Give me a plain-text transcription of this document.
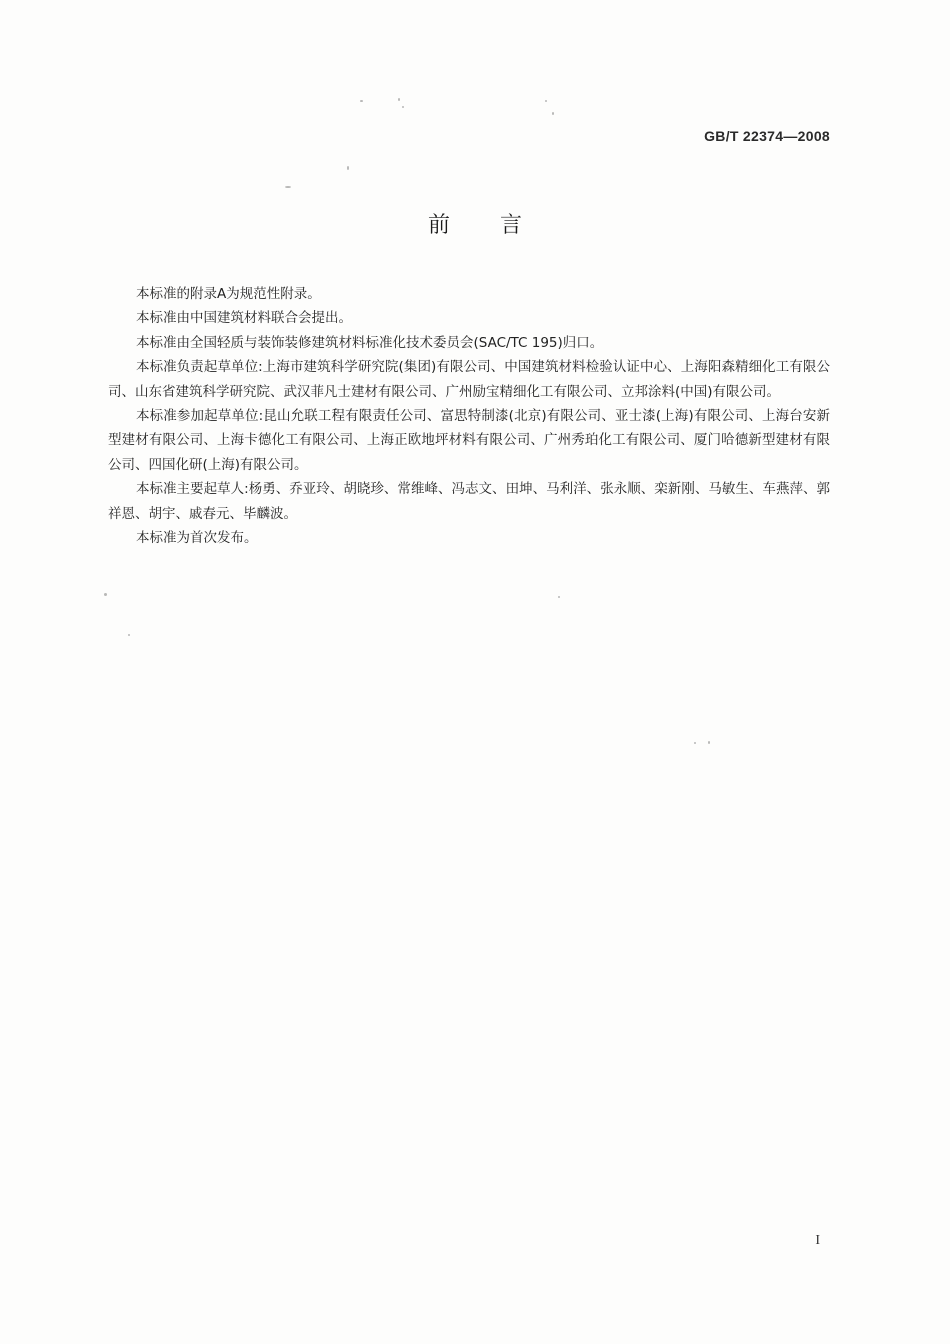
GB/T 22374—2008
前言

本标准的附录A为规范性附录。

本标准由中国建筑材料联合会提出。

本标准由全国轻质与装饰装修建筑材料标准化技术委员会(SAC/TC 195)归口。

本标准负责起草单位:上海市建筑科学研究院(集团)有限公司、中国建筑材料检验认证中心、上海阳森精细化工有限公司、山东省建筑科学研究院、武汉菲凡士建材有限公司、广州励宝精细化工有限公司、立邦涂料(中国)有限公司。

本标准参加起草单位:昆山允联工程有限责任公司、富思特制漆(北京)有限公司、亚士漆(上海)有限公司、上海台安新型建材有限公司、上海卡德化工有限公司、上海正欧地坪材料有限公司、广州秀珀化工有限公司、厦门哈德新型建材有限公司、四国化研(上海)有限公司。

本标准主要起草人:杨勇、乔亚玲、胡晓珍、常维峰、冯志文、田坤、马利洋、张永顺、栾新刚、马敏生、车燕萍、郭祥恩、胡宇、戚春元、毕麟波。

本标准为首次发布。

I
